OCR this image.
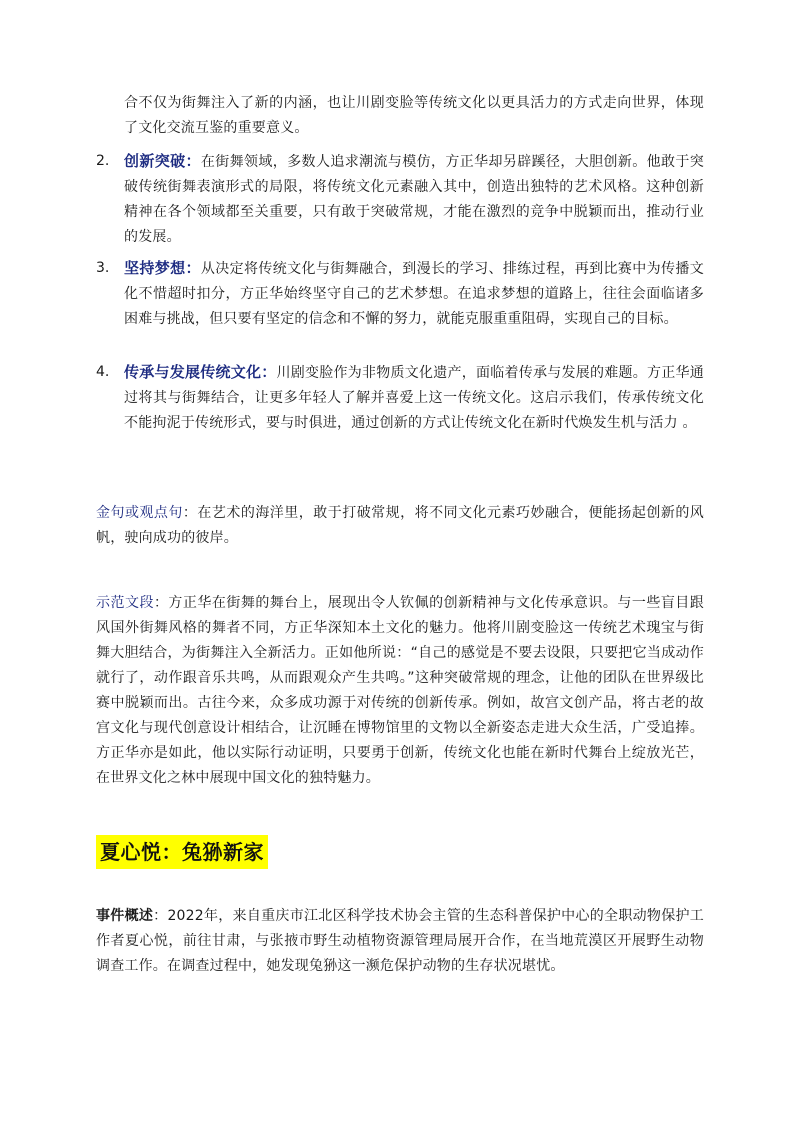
合不仅为街舞注入了新的内涵，也让川剧变脸等传统文化以更具活力的方式走向世界，体现了文化交流互鉴的重要意义。
2. 创新突破：在街舞领域，多数人追求潮流与模仿，方正华却另辟蹊径，大胆创新。他敢于突破传统街舞表演形式的局限，将传统文化元素融入其中，创造出独特的艺术风格。这种创新精神在各个领域都至关重要，只有敢于突破常规，才能在激烈的竞争中脱颖而出，推动行业的发展。
3. 坚持梦想：从决定将传统文化与街舞融合，到漫长的学习、排练过程，再到比赛中为传播文化不惜超时扣分，方正华始终坚守自己的艺术梦想。在追求梦想的道路上，往往会面临诸多困难与挑战，但只要有坚定的信念和不懈的努力，就能克服重重阻碍，实现自己的目标。
4. 传承与发展传统文化：川剧变脸作为非物质文化遗产，面临着传承与发展的难题。方正华通过将其与街舞结合，让更多年轻人了解并喜爱上这一传统文化。这启示我们，传承传统文化不能拘泥于传统形式，要与时俱进，通过创新的方式让传统文化在新时代焕发生机与活力 。
金句或观点句：在艺术的海洋里，敢于打破常规，将不同文化元素巧妙融合，便能扬起创新的风帆，驶向成功的彼岸。
示范文段：方正华在街舞的舞台上，展现出令人钦佩的创新精神与文化传承意识。与一些盲目跟风国外街舞风格的舞者不同，方正华深知本土文化的魅力。他将川剧变脸这一传统艺术瑰宝与街舞大胆结合，为街舞注入全新活力。正如他所说：“自己的感觉是不要去设限，只要把它当成动作就行了，动作跟音乐共鸣，从而跟观众产生共鸣。”这种突破常规的理念，让他的团队在世界级比赛中脱颖而出。古往今来，众多成功源于对传统的创新传承。例如，故宫文创产品，将古老的故宫文化与现代创意设计相结合，让沉睡在博物馆里的文物以全新姿态走进大众生活，广受追捧。方正华亦是如此，他以实际行动证明，只要勇于创新，传统文化也能在新时代舞台上绽放光芒，在世界文化之林中展现中国文化的独特魅力。
夏心悦：兔狲新家
事件概述：2022年，来自重庆市江北区科学技术协会主管的生态科普保护中心的全职动物保护工作者夏心悦，前往甘肃，与张掖市野生动植物资源管理局展开合作，在当地荒漠区开展野生动物调查工作。在调查过程中，她发现兔狲这一濒危保护动物的生存状况堪忧。
